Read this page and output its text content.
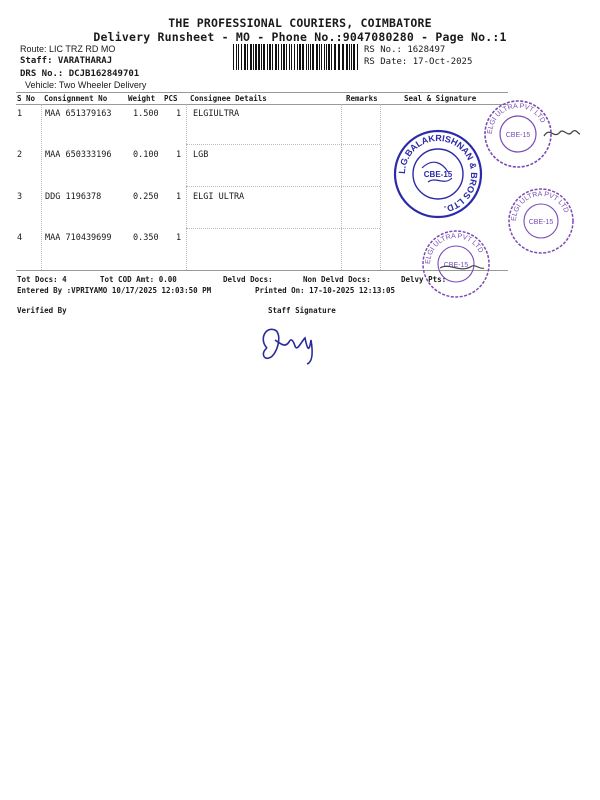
THE PROFESSIONAL COURIERS, COIMBATORE
Delivery Runsheet - MO - Phone No.:9047080280 - Page No.:1
Route: LIC TRZ RD MO
Staff: VARATHARAJ
DRS No.: DCJB162849701
Vehicle: Two Wheeler Delivery
RS No.: 1628497
RS Date: 17-Oct-2025
S No Consignment No	Weight PCS Consignee Details	Remarks	Seal & Signature
1	MAA 651379163	1.500 1 ELGIULTRA
2	MAA 650333196	0.100 1 LGB
3	DDG 1196378	0.250 1 ELGI ULTRA
4	MAA 710439699	0.350 1
Tot Docs: 4	Tot COD Amt: 0.00	Delvd Docs:	Non Delvd Docs:	Delvy Pts:
Entered By :VPRIYAMO 10/17/2025 12:03:50 PM	Printed On: 17-10-2025 12:13:05
Verified By	Staff Signature
L.G.BALAKRISHNAN & BROS LTD.
CBE-15
ELGI ULTRA PVT LTD
CBE-15
ELGI ULTRA PVT LTD
CBE-15
ELGI ULTRA PVT LTD
CBE-15
